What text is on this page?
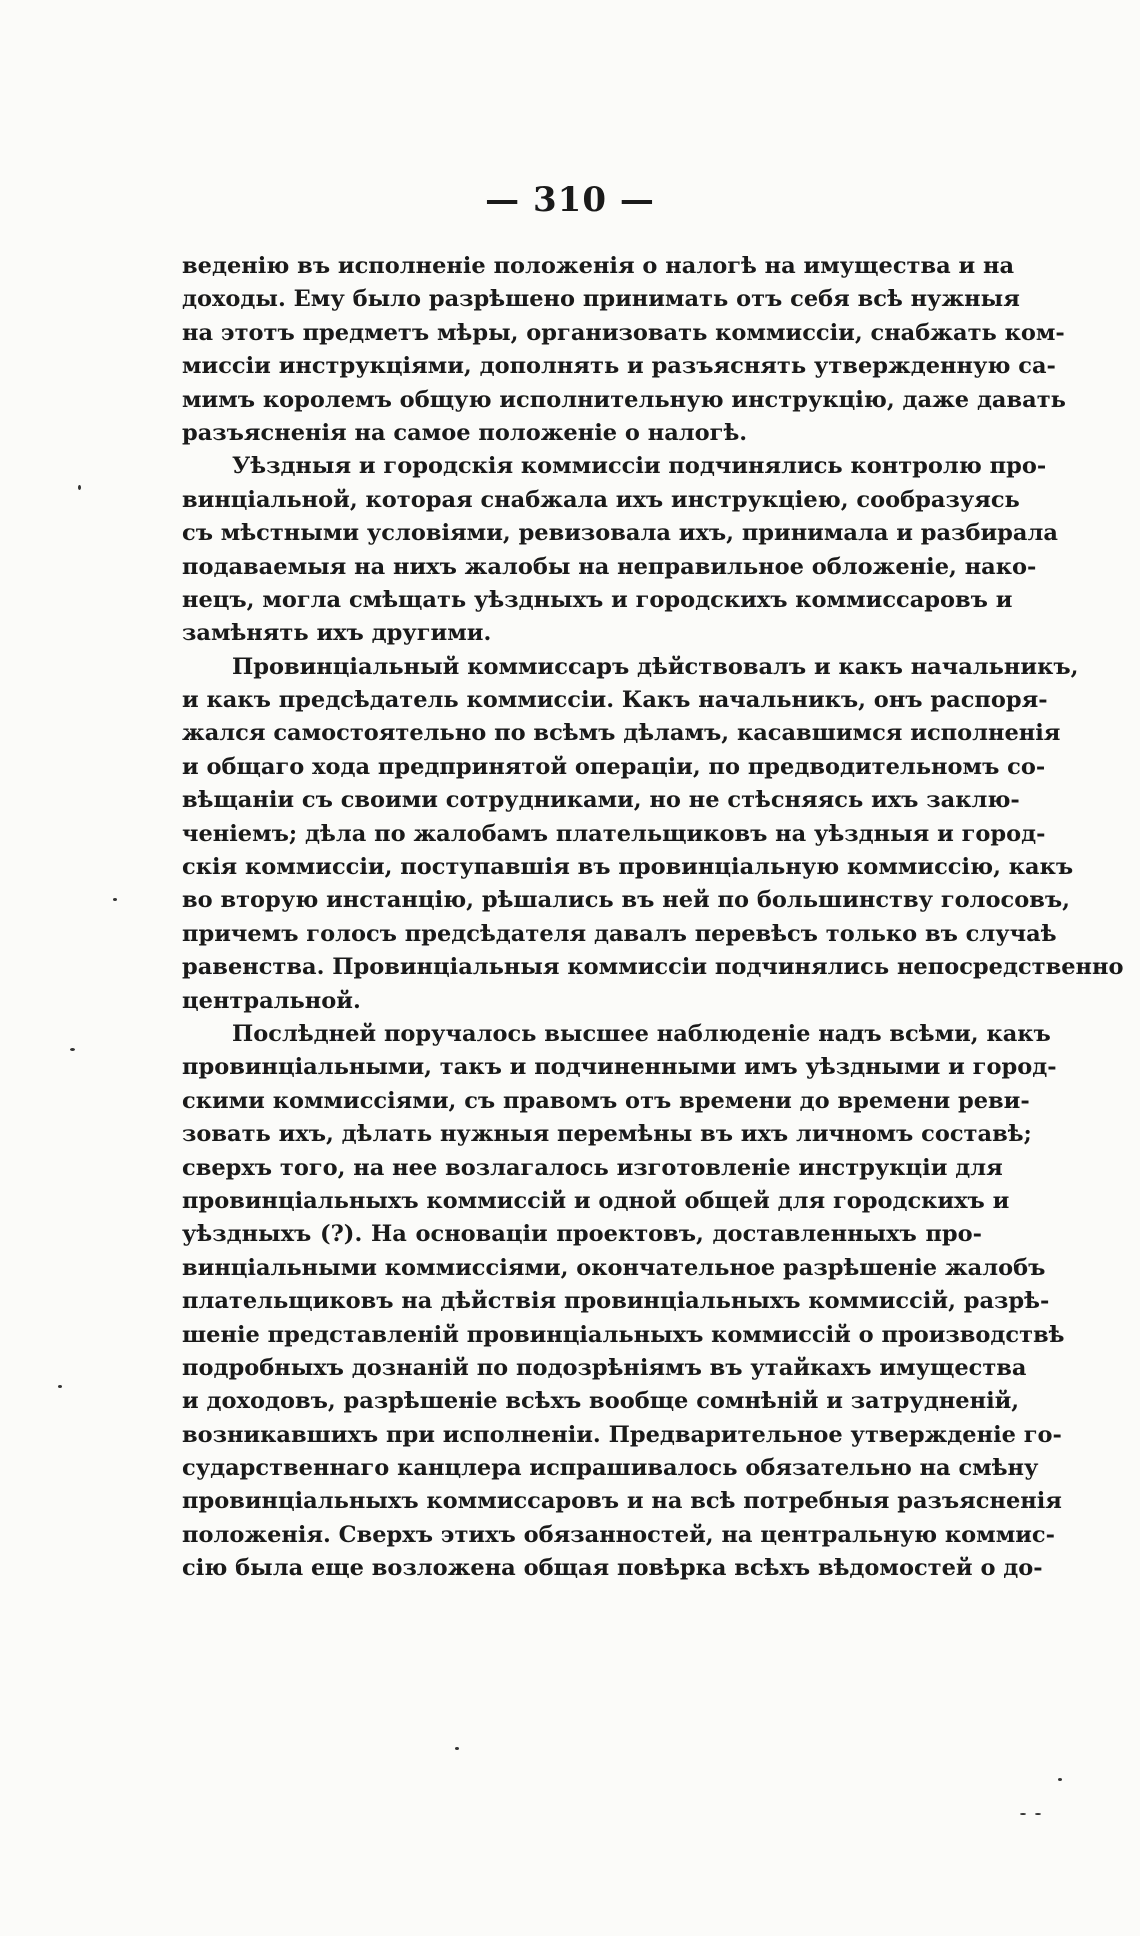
— 310 —
веденію въ исполненіе положенія о налогѣ на имущества и на
доходы. Ему было разрѣшено принимать отъ себя всѣ нужныя
на этотъ предметъ мѣры, организовать коммиссіи, снабжать ком-
миссіи инструкціями, дополнять и разъяснять утвержденную са-
мимъ королемъ общую исполнительную инструкцію, даже давать
разъясненія на самое положеніе о налогѣ.
Уѣздныя и городскія коммиссіи подчинялись контролю про-
винціальной, которая снабжала ихъ инструкціею, сообразуясь
съ мѣстными условіями, ревизовала ихъ, принимала и разбирала
подаваемыя на нихъ жалобы на неправильное обложеніе, нако-
нецъ, могла смѣщать уѣздныхъ и городскихъ коммиссаровъ и
замѣнять ихъ другими.
Провинціальный коммиссаръ дѣйствовалъ и какъ начальникъ,
и какъ предсѣдатель коммиссіи. Какъ начальникъ, онъ распоря-
жался самостоятельно по всѣмъ дѣламъ, касавшимся исполненія
и общаго хода предпринятой операціи, по предводительномъ со-
вѣщаніи съ своими сотрудниками, но не стѣсняясь ихъ заклю-
ченіемъ; дѣла по жалобамъ плательщиковъ на уѣздныя и город-
скія коммиссіи, поступавшія въ провинціальную коммиссію, какъ
во вторую инстанцію, рѣшались въ ней по большинству голосовъ,
причемъ голосъ предсѣдателя давалъ перевѣсъ только въ случаѣ
равенства. Провинціальныя коммиссіи подчинялись непосредственно
центральной.
Послѣдней поручалось высшее наблюденіе надъ всѣми, какъ
провинціальными, такъ и подчиненными имъ уѣздными и город-
скими коммиссіями, съ правомъ отъ времени до времени реви-
зовать ихъ, дѣлать нужныя перемѣны въ ихъ личномъ составѣ;
сверхъ того, на нее возлагалось изготовленіе инструкціи для
провинціальныхъ коммиссій и одной общей для городскихъ и
уѣздныхъ (?). На основаціи проектовъ, доставленныхъ про-
винціальными коммиссіями, окончательное разрѣшеніе жалобъ
плательщиковъ на дѣйствія провинціальныхъ коммиссій, разрѣ-
шеніе представленій провинціальныхъ коммиссій о производствѣ
подробныхъ дознаній по подозрѣніямъ въ утайкахъ имущества
и доходовъ, разрѣшеніе всѣхъ вообще сомнѣній и затрудненій,
возникавшихъ при исполненіи. Предварительное утвержденіе го-
сударственнаго канцлера испрашивалось обязательно на смѣну
провинціальныхъ коммиссаровъ и на всѣ потребныя разъясненія
положенія. Сверхъ этихъ обязанностей, на центральную коммис-
сію была еще возложена общая повѣрка всѣхъ вѣдомостей о до-
